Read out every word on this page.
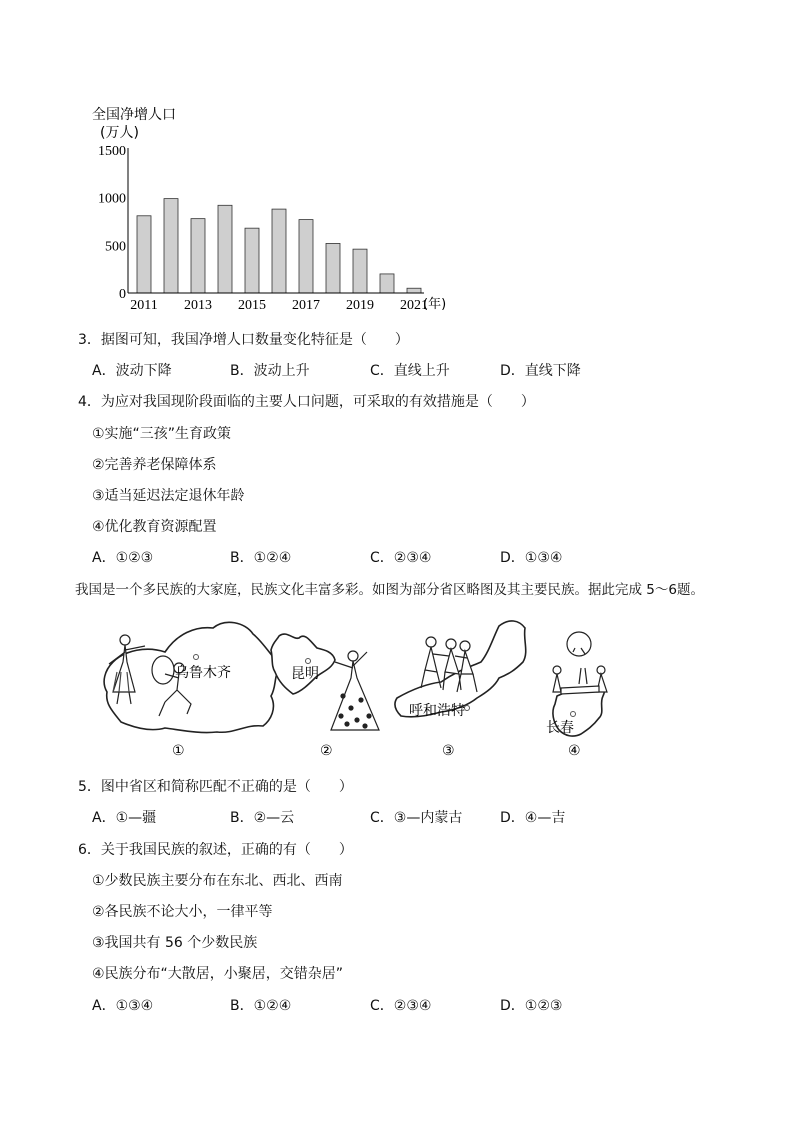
全国净增人口
(万人)
1500
1000
500
0
2011 2013 2015 2017 2019 2021
(年)
3．据图可知，我国净增人口数量变化特征是（　　）
A．波动下降	B．波动上升	C．直线上升	D．直线下降
4．为应对我国现阶段面临的主要人口问题，可采取的有效措施是（　　）
①实施“三孩”生育政策
②完善养老保障体系
③适当延迟法定退休年龄
④优化教育资源配置
A．①②③	B．①②④	C．②③④	D．①③④
我国是一个多民族的大家庭，民族文化丰富多彩。如图为部分省区略图及其主要民族。据此完成 5～6题。
乌鲁木齐
①
昆明
②
呼和浩特
③
长春
④
5．图中省区和简称匹配不正确的是（　　）
A．①—疆	B．②—云	C．③—内蒙古	D．④—吉
6．关于我国民族的叙述，正确的有（　　）
①少数民族主要分布在东北、西北、西南
②各民族不论大小，一律平等
③我国共有 56 个少数民族
④民族分布“大散居，小聚居，交错杂居”
A．①③④	B．①②④	C．②③④	D．①②③
